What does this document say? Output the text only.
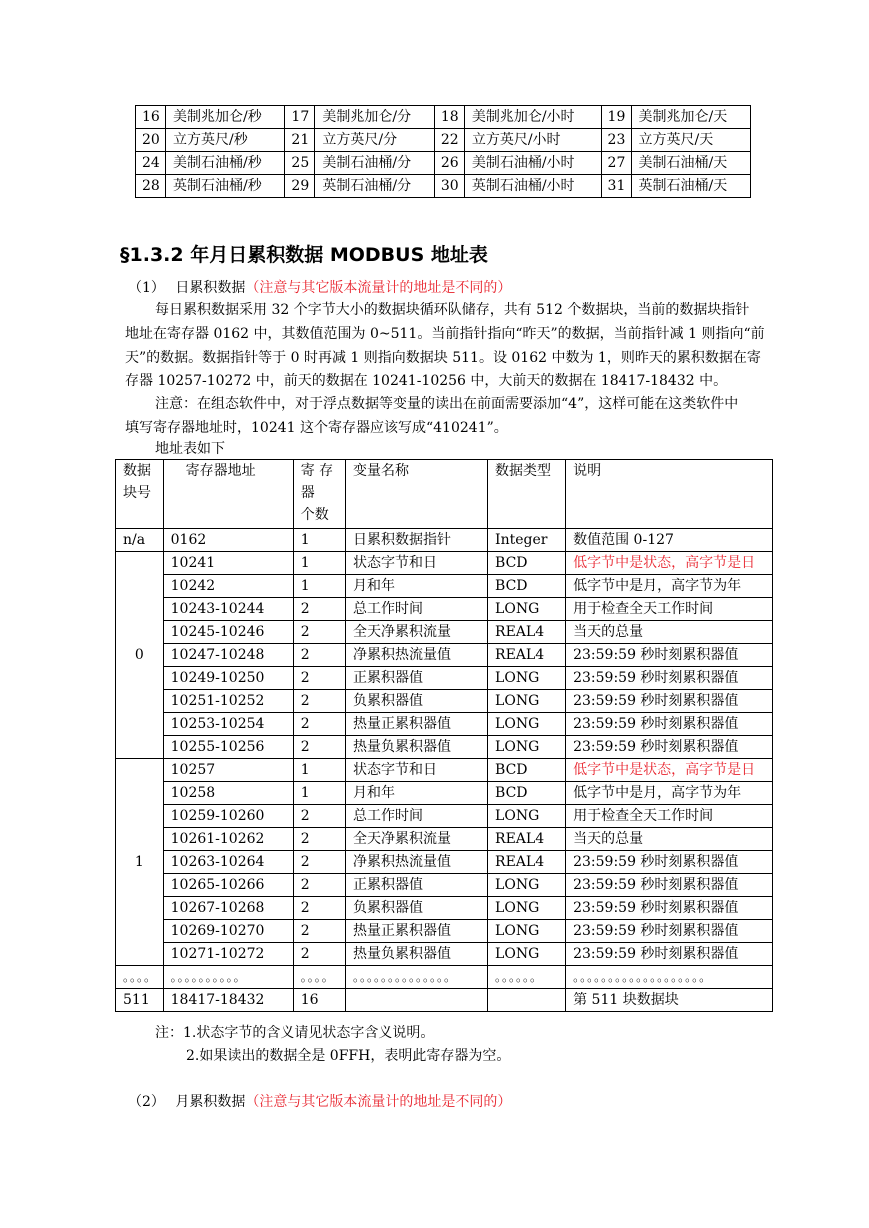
16	美制兆加仑/秒	17	美制兆加仑/分	18	美制兆加仑/小时	19	美制兆加仑/天
20	立方英尺/秒	21	立方英尺/分	22	立方英尺/小时	23	立方英尺/天
24	美制石油桶/秒	25	美制石油桶/分	26	美制石油桶/小时	27	美制石油桶/天
28	英制石油桶/秒	29	英制石油桶/分	30	英制石油桶/小时	31	英制石油桶/天
§1.3.2 年月日累积数据 MODBUS 地址表
（1） 日累积数据（注意与其它版本流量计的地址是不同的）
每日累积数据采用 32 个字节大小的数据块循环队储存，共有 512 个数据块，当前的数据块指针
地址在寄存器 0162 中，其数值范围为 0~511。当前指针指向“昨天”的数据，当前指针减 1 则指向“前
天”的数据。数据指针等于 0 时再减 1 则指向数据块 511。设 0162 中数为 1，则昨天的累积数据在寄
存器 10257-10272 中，前天的数据在 10241-10256 中，大前天的数据在 18417-18432 中。
注意：在组态软件中，对于浮点数据等变量的读出在前面需要添加“4”，这样可能在这类软件中
填写寄存器地址时，10241 这个寄存器应该写成“410241”。
地址表如下
数据
块号	寄存器地址	寄 存
器
个数	变量名称	数据类型	说明
n/a	0162	1	日累积数据指针	Integer	数值范围 0-127
0	10241	1	状态字节和日	BCD	低字节中是状态，高字节是日
	10242	1	月和年	BCD	低字节中是月，高字节为年
	10243-10244	2	总工作时间	LONG	用于检查全天工作时间
	10245-10246	2	全天净累积流量	REAL4	当天的总量
	10247-10248	2	净累积热流量值	REAL4	23:59:59 秒时刻累积器值
	10249-10250	2	正累积器值	LONG	23:59:59 秒时刻累积器值
	10251-10252	2	负累积器值	LONG	23:59:59 秒时刻累积器值
	10253-10254	2	热量正累积器值	LONG	23:59:59 秒时刻累积器值
	10255-10256	2	热量负累积器值	LONG	23:59:59 秒时刻累积器值
1	10257	1	状态字节和日	BCD	低字节中是状态，高字节是日
	10258	1	月和年	BCD	低字节中是月，高字节为年
	10259-10260	2	总工作时间	LONG	用于检查全天工作时间
	10261-10262	2	全天净累积流量	REAL4	当天的总量
	10263-10264	2	净累积热流量值	REAL4	23:59:59 秒时刻累积器值
	10265-10266	2	正累积器值	LONG	23:59:59 秒时刻累积器值
	10267-10268	2	负累积器值	LONG	23:59:59 秒时刻累积器值
	10269-10270	2	热量正累积器值	LONG	23:59:59 秒时刻累积器值
	10271-10272	2	热量负累积器值	LONG	23:59:59 秒时刻累积器值
。。。。	。。。。。。。。。。	。。。。	。。。。。。。。。。。。。。	。。。。。。	。。。。。。。。。。。。。。。。。。。
511	18417-18432	16			第 511 块数据块
注：1.状态字节的含义请见状态字含义说明。
2.如果读出的数据全是 0FFH，表明此寄存器为空。
（2） 月累积数据（注意与其它版本流量计的地址是不同的）
